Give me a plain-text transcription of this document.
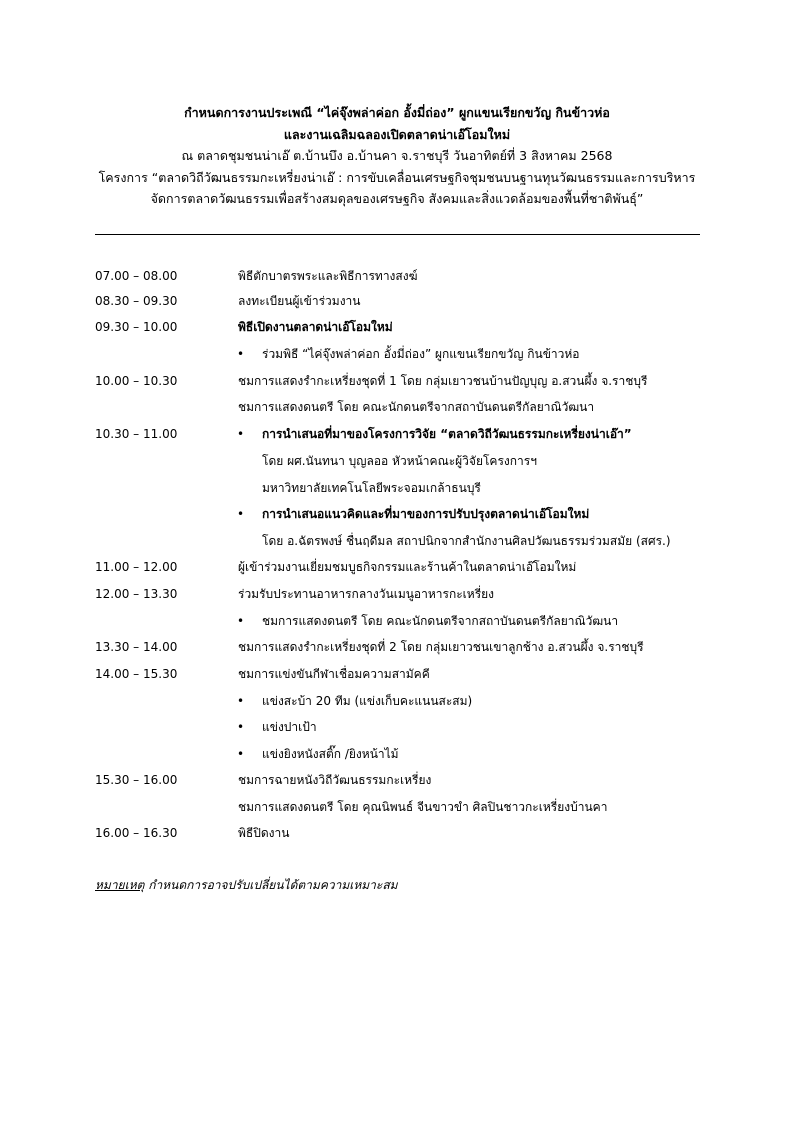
กำหนดการงานประเพณี “ไค่จุ๊งพล่าค่อก อั้งมี่ถ่อง” ผูกแขนเรียกขวัญ กินข้าวห่อ
และงานเฉลิมฉลองเปิดตลาดน่าเอ๊โอมใหม่
ณ ตลาดชุมชนน่าเอ๊ ต.บ้านบึง อ.บ้านคา จ.ราชบุรี วันอาทิตย์ที่ 3 สิงหาคม 2568
โครงการ “ตลาดวิถีวัฒนธรรมกะเหรี่ยงน่าเอ๊ : การขับเคลื่อนเศรษฐกิจชุมชนบนฐานทุนวัฒนธรรมและการบริหาร
จัดการตลาดวัฒนธรรมเพื่อสร้างสมดุลของเศรษฐกิจ สังคมและสิ่งแวดล้อมของพื้นที่ชาติพันธุ์”
07.00 – 08.00	พิธีตักบาตรพระและพิธีการทางสงฆ์
08.30 – 09.30	ลงทะเบียนผู้เข้าร่วมงาน
09.30 – 10.00	พิธีเปิดงานตลาดน่าเอ๊โอมใหม่
• ร่วมพิธี “ไค่จุ๊งพล่าค่อก อั้งมี่ถ่อง” ผูกแขนเรียกขวัญ กินข้าวห่อ
10.00 – 10.30	ชมการแสดงรำกะเหรี่ยงชุดที่ 1 โดย กลุ่มเยาวชนบ้านปัญบุญ อ.สวนผึ้ง จ.ราชบุรี
ชมการแสดงดนตรี โดย คณะนักดนตรีจากสถาบันดนตรีกัลยาณิวัฒนา
10.30 – 11.00	• การนำเสนอที่มาของโครงการวิจัย “ตลาดวิถีวัฒนธรรมกะเหรี่ยงน่าเอ๊า”
โดย ผศ.นันทนา บุญลออ หัวหน้าคณะผู้วิจัยโครงการฯ
มหาวิทยาลัยเทคโนโลยีพระจอมเกล้าธนบุรี
• การนำเสนอแนวคิดและที่มาของการปรับปรุงตลาดน่าเอ๊โอมใหม่
โดย อ.ฉัตรพงษ์ ชื่นฤดีมล สถาปนิกจากสำนักงานศิลปวัฒนธรรมร่วมสมัย (สศร.)
11.00 – 12.00	ผู้เข้าร่วมงานเยี่ยมชมบูธกิจกรรมและร้านค้าในตลาดน่าเอ๊โอมใหม่
12.00 – 13.30	ร่วมรับประทานอาหารกลางวันเมนูอาหารกะเหรี่ยง
• ชมการแสดงดนตรี โดย คณะนักดนตรีจากสถาบันดนตรีกัลยาณิวัฒนา
13.30 – 14.00	ชมการแสดงรำกะเหรี่ยงชุดที่ 2 โดย กลุ่มเยาวชนเขาลูกช้าง อ.สวนผึ้ง จ.ราชบุรี
14.00 – 15.30	ชมการแข่งขันกีฬาเชื่อมความสามัคคี
• แข่งสะบ้า 20 ทีม (แข่งเก็บคะแนนสะสม)
• แข่งปาเป้า
• แข่งยิงหนังสติ๊ก /ยิงหน้าไม้
15.30 – 16.00	ชมการฉายหนังวิถีวัฒนธรรมกะเหรี่ยง
ชมการแสดงดนตรี โดย คุณนิพนธ์ จีนขาวขำ ศิลปินชาวกะเหรี่ยงบ้านคา
16.00 – 16.30	พิธีปิดงาน
หมายเหตุ กำหนดการอาจปรับเปลี่ยนได้ตามความเหมาะสม
